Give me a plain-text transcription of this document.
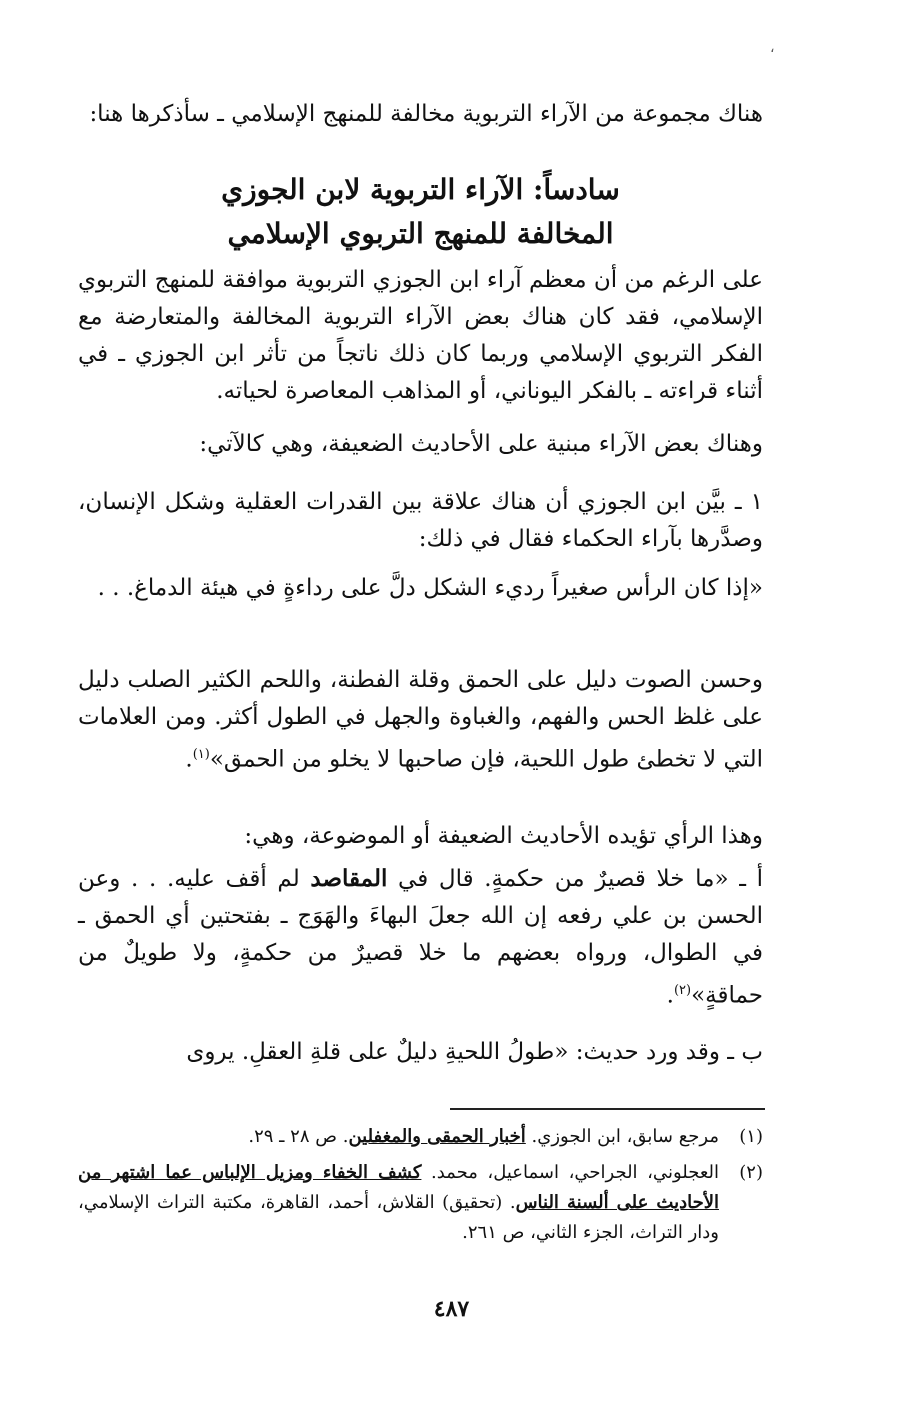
،

هناك مجموعة من الآراء التربوية مخالفة للمنهج الإسلامي ـ سأذكرها هنا:

سادساً: الآراء التربوية لابن الجوزي
المخالفة للمنهج التربوي الإسلامي

على الرغم من أن معظم آراء ابن الجوزي التربوية موافقة للمنهج التربوي الإسلامي، فقد كان هناك بعض الآراء التربوية المخالفة والمتعارضة مع الفكر التربوي الإسلامي وربما كان ذلك ناتجاً من تأثر ابن الجوزي ـ في أثناء قراءته ـ بالفكر اليوناني، أو المذاهب المعاصرة لحياته.

وهناك بعض الآراء مبنية على الأحاديث الضعيفة، وهي كالآتي:

١ ـ بيَّن ابن الجوزي أن هناك علاقة بين القدرات العقلية وشكل الإنسان، وصدَّرها بآراء الحكماء فقال في ذلك:

«إذا كان الرأس صغيراً رديء الشكل دلَّ على رداءةٍ في هيئة الدماغ. . .

وحسن الصوت دليل على الحمق وقلة الفطنة، واللحم الكثير الصلب دليل على غلظ الحس والفهم، والغباوة والجهل في الطول أكثر. ومن العلامات التي لا تخطئ طول اللحية، فإن صاحبها لا يخلو من الحمق»$^{(١)}$.

وهذا الرأي تؤيده الأحاديث الضعيفة أو الموضوعة، وهي:

أ ـ «ما خلا قصيرٌ من حكمةٍ. قال في المقاصد لم أقف عليه. . . وعن الحسن بن علي رفعه إن الله جعلَ البهاءَ والهَوَج ـ بفتحتين أي الحمق ـ في الطوال، ورواه بعضهم ما خلا قصيرٌ من حكمةٍ، ولا طويلٌ من حماقةٍ»$^{(٢)}$.

ب ـ وقد ورد حديث: «طولُ اللحيةِ دليلٌ على قلةِ العقلِ. يروى

(١)
مرجع سابق، ابن الجوزي. أخبار الحمقى والمغفلين. ص ٢٨ ـ ٢٩.
(٢)
العجلوني، الجراحي، اسماعيل، محمد. كشف الخفاء ومزيل الإلباس عما اشتهر من الأحاديث على ألسنة الناس. (تحقيق) القلاش، أحمد، القاهرة، مكتبة التراث الإسلامي، ودار التراث، الجزء الثاني، ص ٢٦١.
٤٨٧
